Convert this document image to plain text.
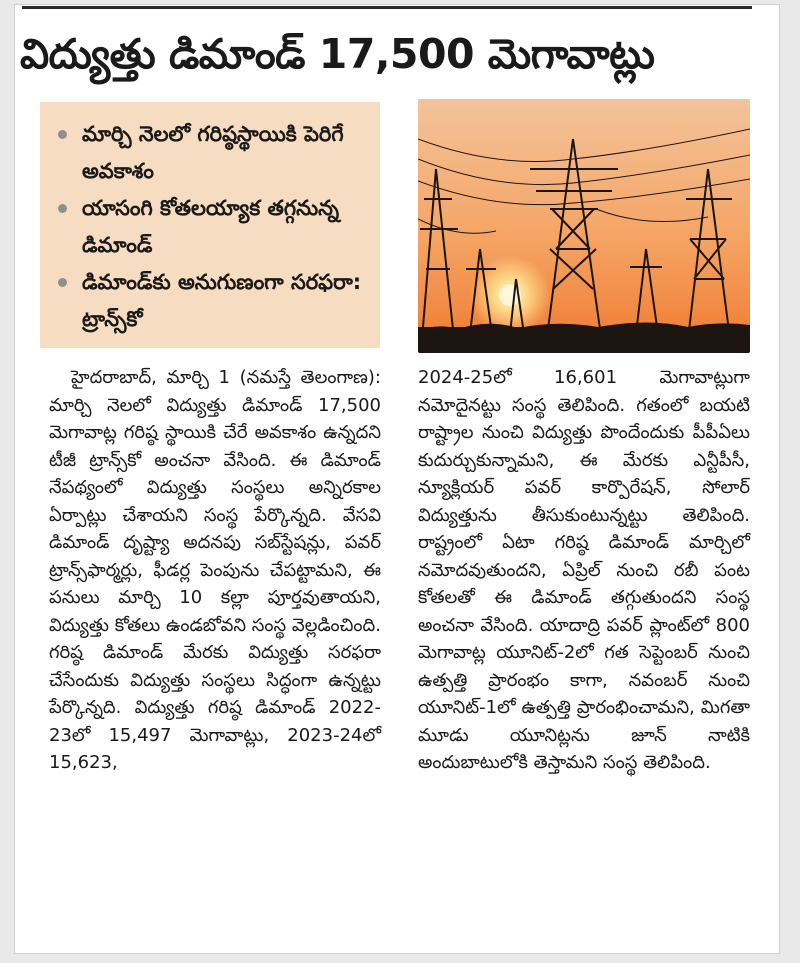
విద్యుత్తు డిమాండ్ 17,500 మెగావాట్లు
మార్చి నెలలో గరిష్ఠస్థాయికి పెరిగే అవకాశం
యాసంగి కోతలయ్యాక తగ్గనున్న డిమాండ్
డిమాండ్‌కు అనుగుణంగా సరఫరా: ట్రాన్స్‌కో

హైదరాబాద్, మార్చి 1 (నమస్తే తెలంగాణ): మార్చి నెలలో విద్యుత్తు డిమాండ్ 17,500 మెగావాట్ల గరిష్ఠ స్థాయికి చేరే అవకాశం ఉన్నదని టీజీ ట్రాన్స్‌కో అంచనా వేసింది. ఈ డిమాండ్ నేపథ్యంలో విద్యుత్తు సంస్థలు అన్నిరకాల ఏర్పాట్లు చేశాయని సంస్థ పేర్కొన్నది. వేసవి డిమాండ్ దృష్ట్యా అదనపు సబ్‌స్టేషన్లు, పవర్ ట్రాన్స్‌ఫార్మర్లు, ఫీడర్ల పెంపును చేపట్టామని, ఈ పనులు మార్చి 10 కల్లా పూర్తవుతాయని, విద్యుత్తు కోతలు ఉండబోవని సంస్థ వెల్లడించింది. గరిష్ఠ డిమాండ్ మేరకు విద్యుత్తు సరఫరా చేసేందుకు విద్యుత్తు సంస్థలు సిద్ధంగా ఉన్నట్టు పేర్కొన్నది. విద్యుత్తు గరిష్ఠ డిమాండ్ 2022-23లో 15,497 మెగావాట్లు, 2023-24లో 15,623,

2024-25లో 16,601 మెగావాట్లుగా నమోదైనట్టు సంస్థ తెలిపింది. గతంలో బయటి రాష్ట్రాల నుంచి విద్యుత్తు పొందేందుకు పీపీఏలు కుదుర్చుకున్నామని, ఈ మేరకు ఎన్టీపీసీ, న్యూక్లియర్ పవర్ కార్పొరేషన్, సోలార్ విద్యుత్తును తీసుకుంటున్నట్టు తెలిపింది. రాష్ట్రంలో ఏటా గరిష్ఠ డిమాండ్ మార్చిలో నమోదవుతుందని, ఏప్రిల్ నుంచి రబీ పంట కోతలతో ఈ డిమాండ్ తగ్గుతుందని సంస్థ అంచనా వేసింది. యాదాద్రి పవర్ ప్లాంట్‌లో 800 మెగావాట్ల యూనిట్-2లో గత సెప్టెంబర్ నుంచి ఉత్పత్తి ప్రారంభం కాగా, నవంబర్ నుంచి యూనిట్-1లో ఉత్పత్తి ప్రారంభించామని, మిగతా మూడు యూనిట్లను జూన్ నాటికి అందుబాటులోకి తెస్తామని సంస్థ తెలిపింది.
